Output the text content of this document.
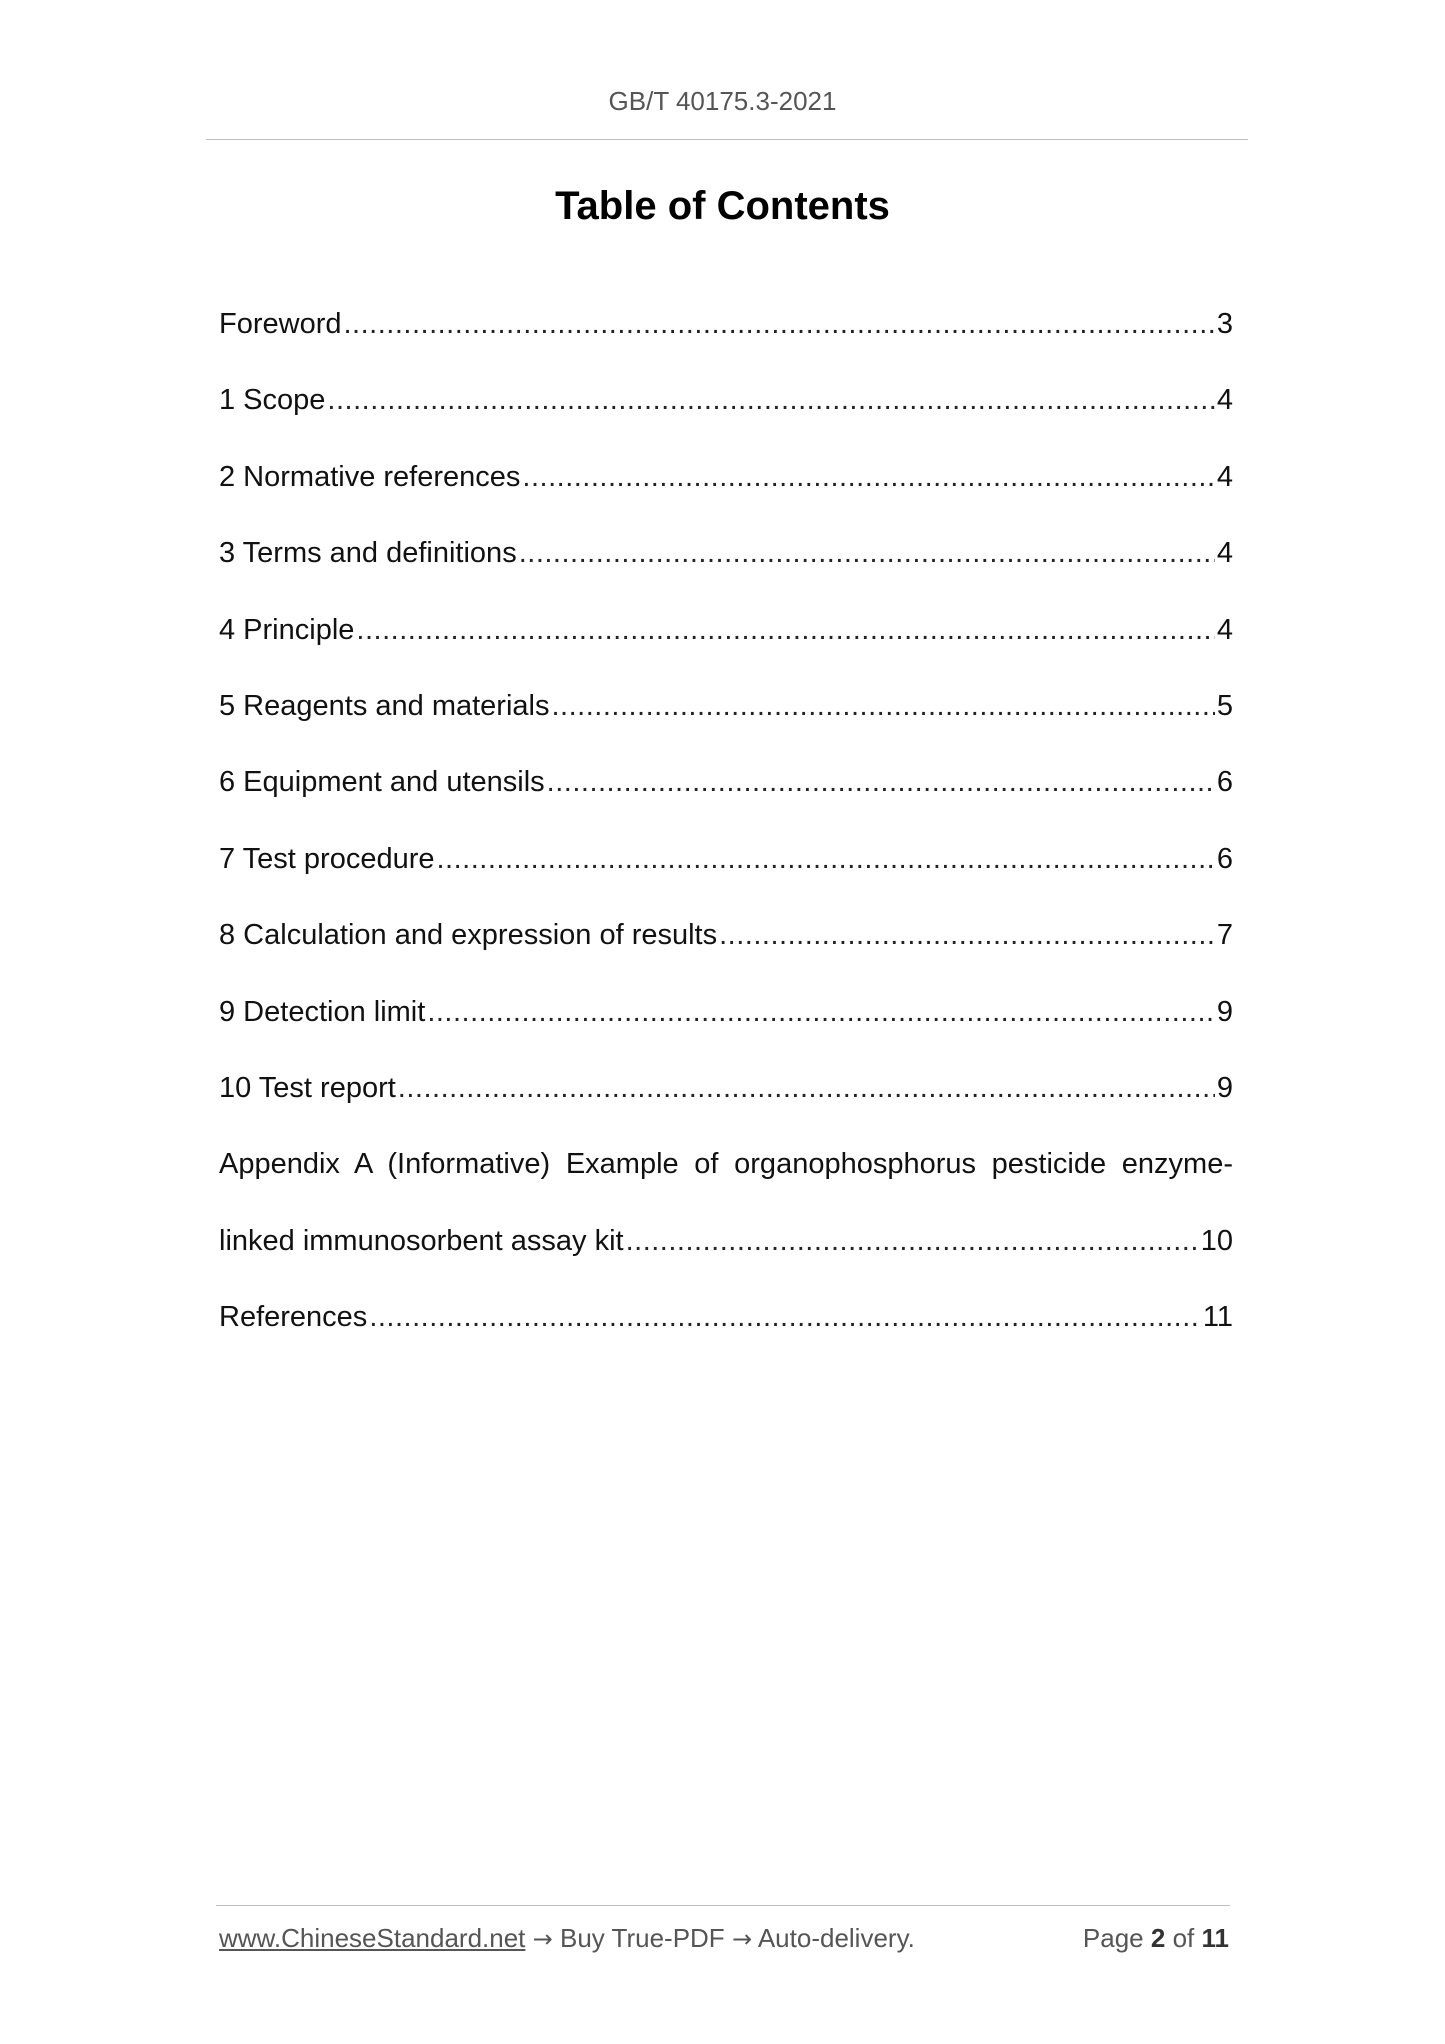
GB/T 40175.3-2021
Table of Contents
Foreword .....	3
1 Scope .....	4
2 Normative references .....	4
3 Terms and definitions .....	4
4 Principle .....	4
5 Reagents and materials .....	5
6 Equipment and utensils .....	6
7 Test procedure .....	6
8 Calculation and expression of results .....	7
9 Detection limit .....	9
10 Test report .....	9
Appendix A (Informative) Example of organophosphorus pesticide enzyme-
linked immunosorbent assay kit .....	10
References .....	11
www.ChineseStandard.net → Buy True-PDF → Auto-delivery.	Page 2 of 11
